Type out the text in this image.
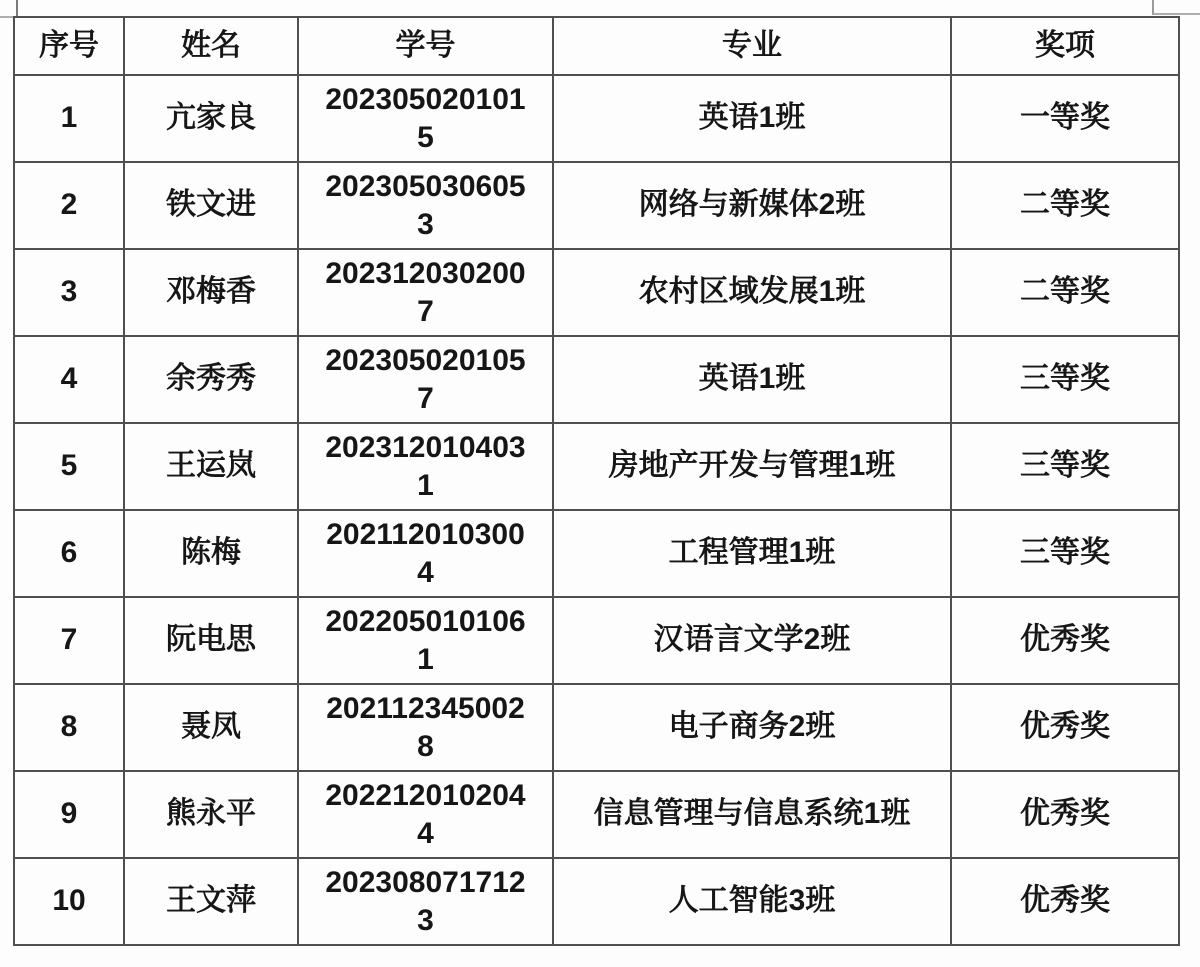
序号	姓名	学号	专业	奖项
1	亢家良	2023050201015	英语1班	一等奖
2	铁文进	2023050306053	网络与新媒体2班	二等奖
3	邓梅香	2023120302007	农村区域发展1班	二等奖
4	余秀秀	2023050201057	英语1班	三等奖
5	王运岚	2023120104031	房地产开发与管理1班	三等奖
6	陈梅	2021120103004	工程管理1班	三等奖
7	阮电思	2022050101061	汉语言文学2班	优秀奖
8	聂凤	2021123450028	电子商务2班	优秀奖
9	熊永平	2022120102044	信息管理与信息系统1班	优秀奖
10	王文萍	2023080717123	人工智能3班	优秀奖
